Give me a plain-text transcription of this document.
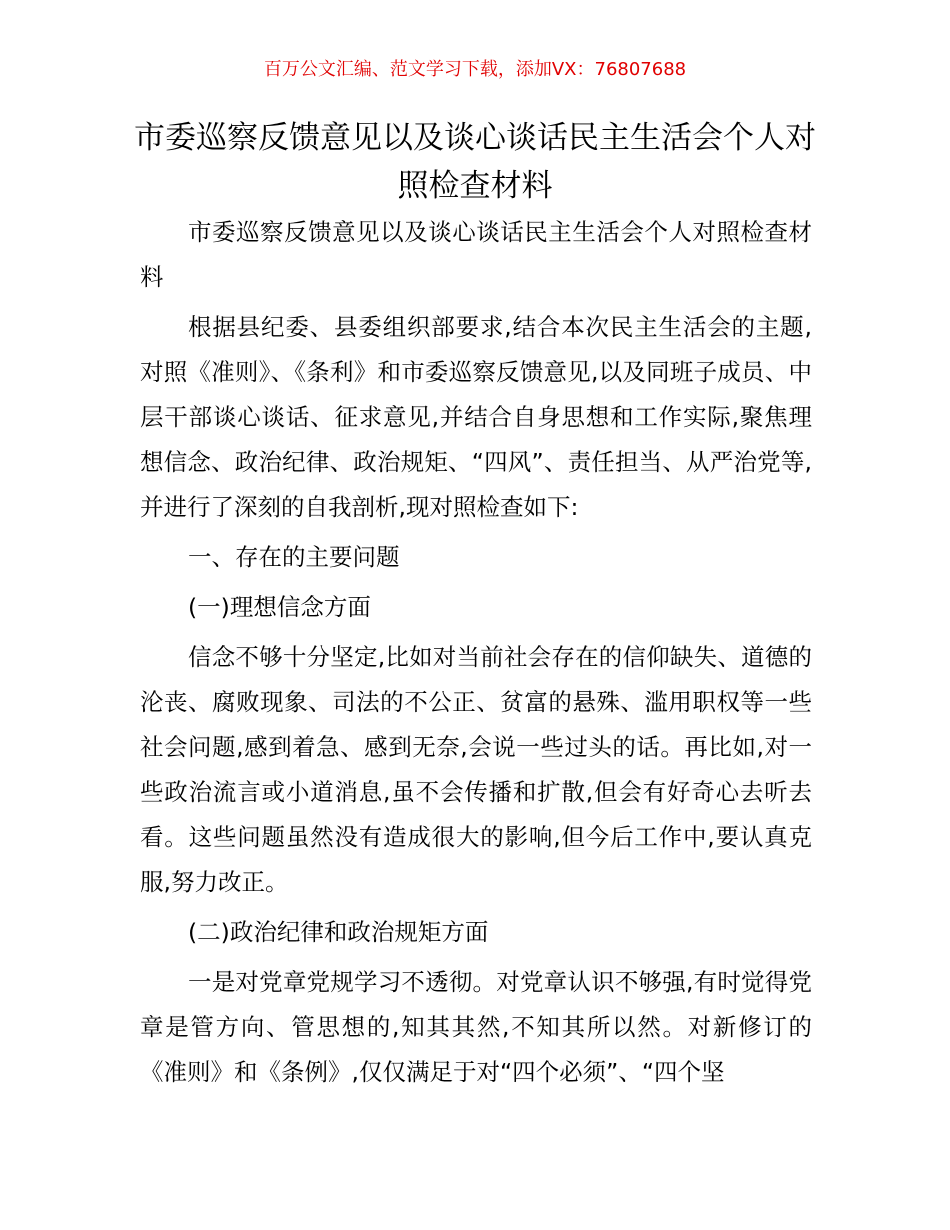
百万公文汇编、范文学习下载，添加VX：76807688
市委巡察反馈意见以及谈心谈话民主生活会个人对照检查材料

市委巡察反馈意见以及谈心谈话民主生活会个人对照检查材料

根据县纪委、县委组织部要求,结合本次民主生活会的主题,对照《准则》、《条利》和市委巡察反馈意见,以及同班子成员、中层干部谈心谈话、征求意见,并结合自身思想和工作实际,聚焦理想信念、政治纪律、政治规矩、“四风”、责任担当、从严治党等,并进行了深刻的自我剖析,现对照检查如下:

一、存在的主要问题

(一)理想信念方面

信念不够十分坚定,比如对当前社会存在的信仰缺失、道德的沦丧、腐败现象、司法的不公正、贫富的悬殊、滥用职权等一些社会问题,感到着急、感到无奈,会说一些过头的话。再比如,对一些政治流言或小道消息,虽不会传播和扩散,但会有好奇心去听去看。这些问题虽然没有造成很大的影响,但今后工作中,要认真克服,努力改正。

(二)政治纪律和政治规矩方面

一是对党章党规学习不透彻。对党章认识不够强,有时觉得党章是管方向、管思想的,知其其然,不知其所以然。对新修订的《准则》和《条例》,仅仅满足于对“四个必须”、“四个坚
